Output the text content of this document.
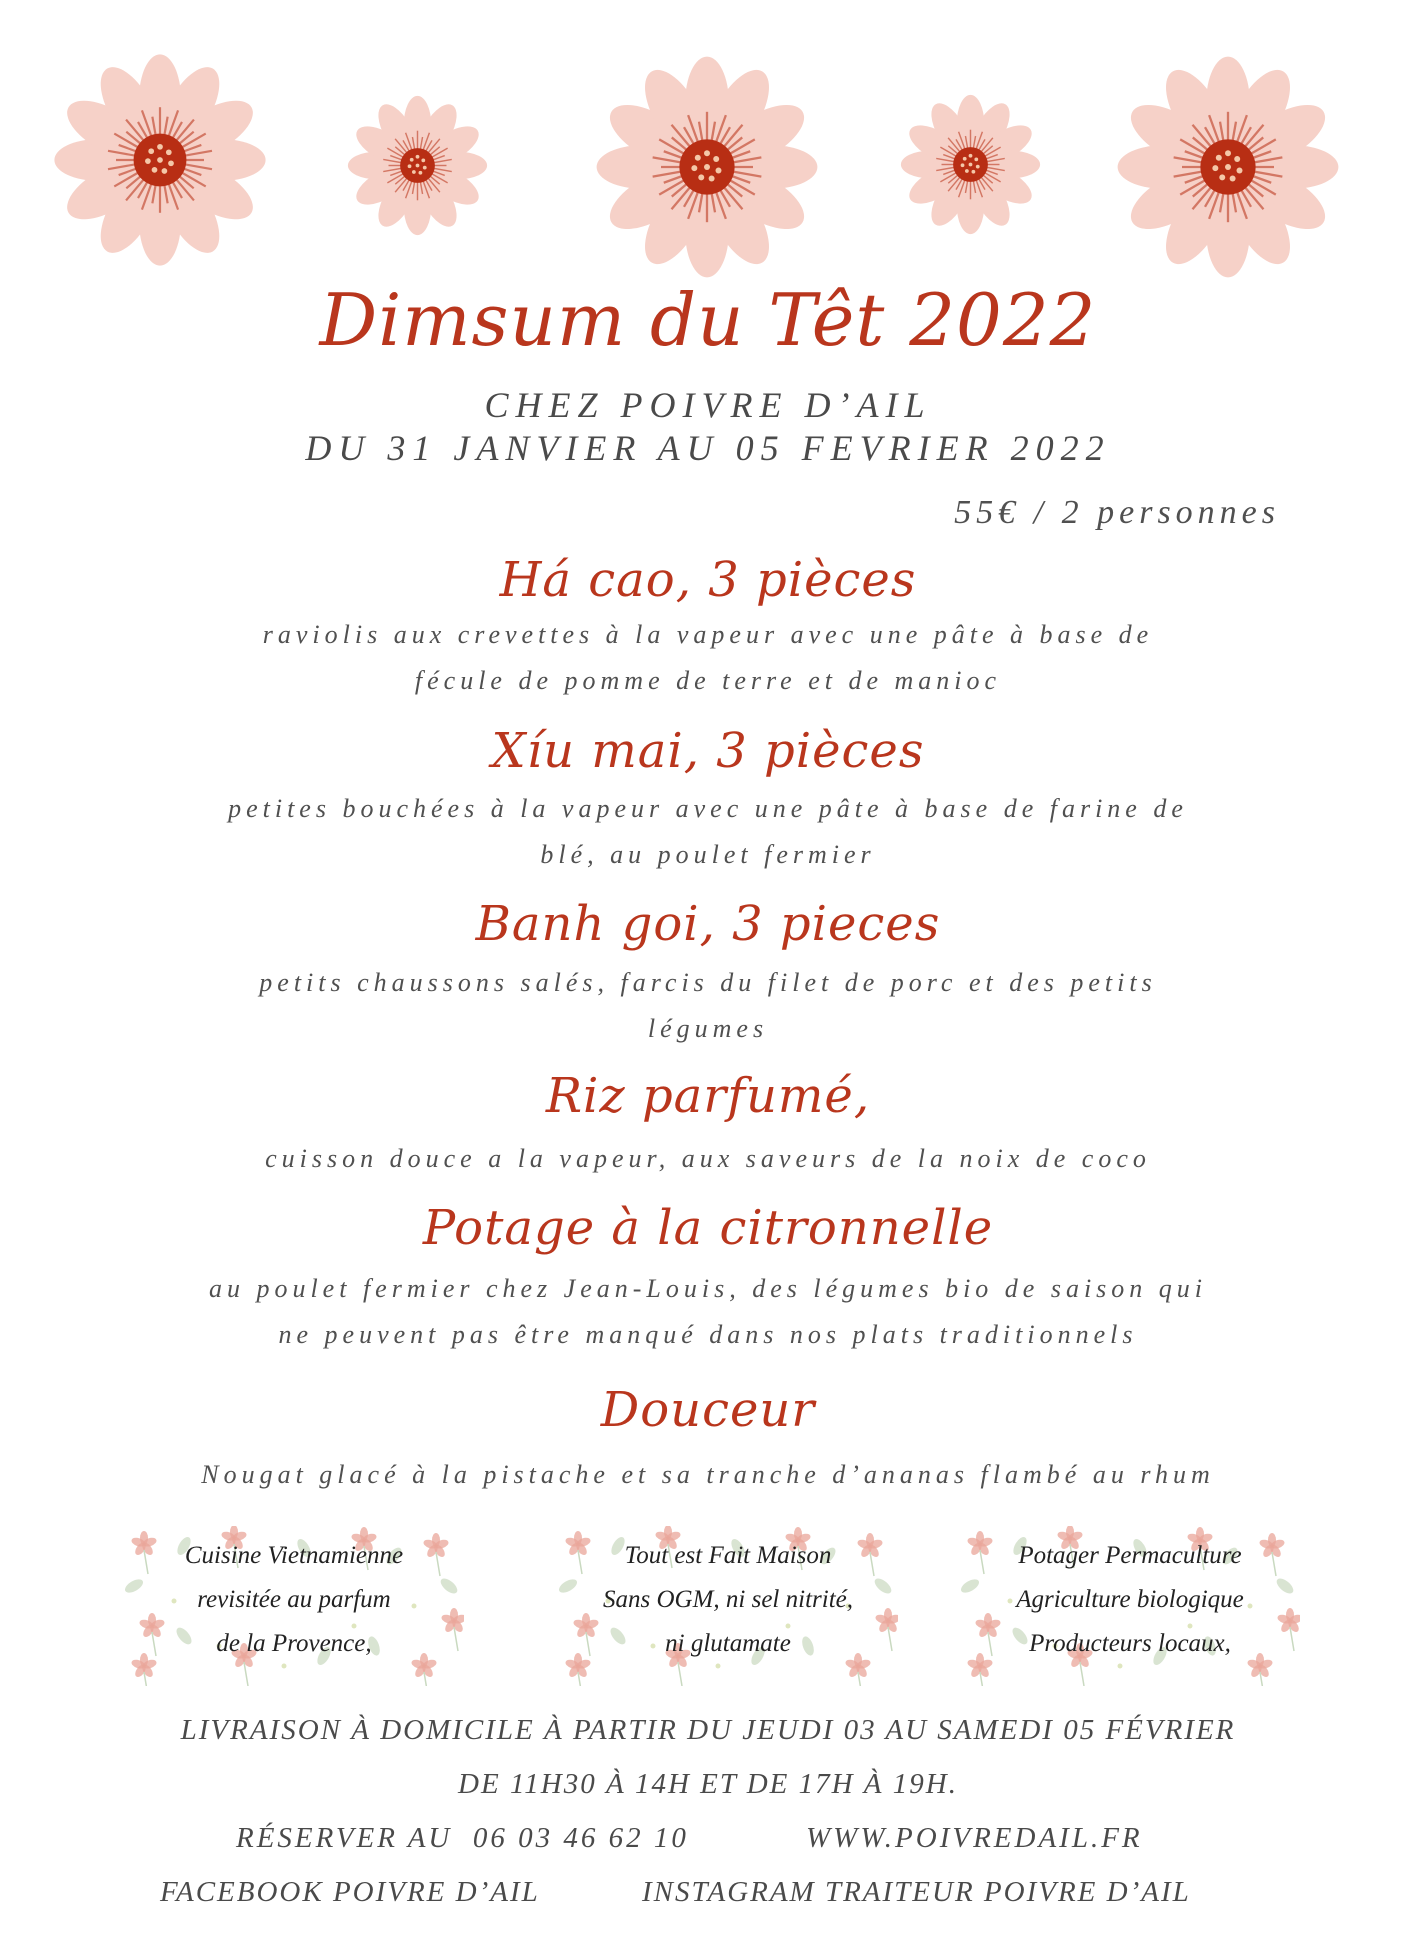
Dimsum du Têt 2022
CHEZ POIVRE D’AIL
DU 31 JANVIER AU 05 FEVRIER 2022
55€ / 2 personnes
Há cao, 3 pièces
raviolis aux crevettes à la vapeur avec une pâte à base de
fécule de pomme de terre et de manioc
Xíu mai, 3 pièces
petites bouchées à la vapeur avec une pâte à base de farine de
blé, au poulet fermier
Banh goi, 3 pieces
petits chaussons salés, farcis du filet de porc et des petits
légumes
Riz parfumé,
cuisson douce a la vapeur, aux saveurs de la noix de coco
Potage à la citronnelle
au poulet fermier chez Jean-Louis, des légumes bio de saison qui
ne peuvent pas être manqué dans nos plats traditionnels
Douceur
Nougat glacé à la pistache et sa tranche d’ananas flambé au rhum
Cuisine Vietnamienne
revisitée au parfum
de la Provence,
Tout est Fait Maison
Sans OGM, ni sel nitrité,
ni glutamate
Potager Permaculture
Agriculture biologique
Producteurs locaux,
LIVRAISON À DOMICILE À PARTIR DU JEUDI 03 AU SAMEDI 05 FÉVRIER
DE 11H30 À 14H ET DE 17H À 19H.
RÉSERVER AU  06 03 46 62 10	WWW.POIVREDAIL.FR
FACEBOOK POIVRE D’AIL	INSTAGRAM TRAITEUR POIVRE D’AIL
